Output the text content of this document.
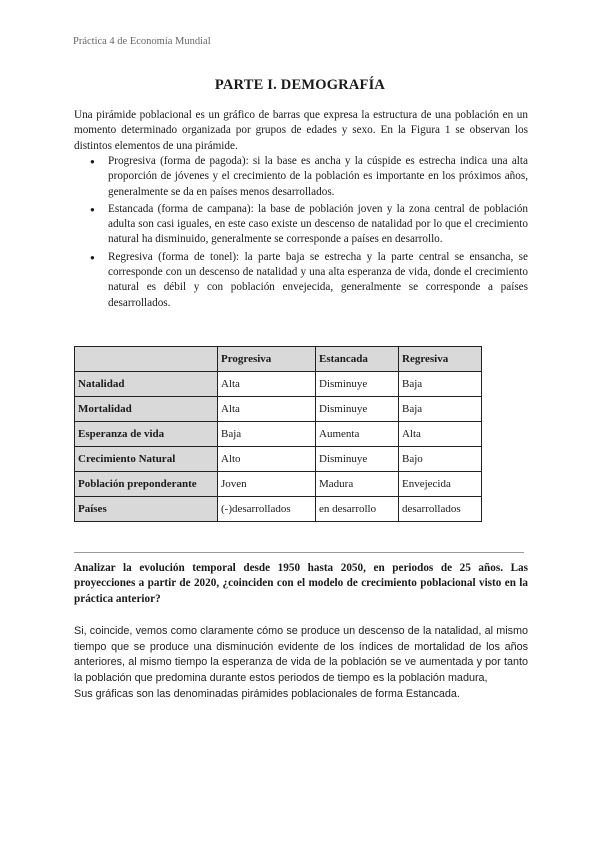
Práctica 4 de Economía Mundial
PARTE I. DEMOGRAFÍA
Una pirámide poblacional es un gráfico de barras que expresa la estructura de una población en un momento determinado organizada por grupos de edades y sexo. En la Figura 1 se observan los distintos elementos de una pirámide.
● Progresiva (forma de pagoda): si la base es ancha y la cúspide es estrecha indica una alta proporción de jóvenes y el crecimiento de la población es importante en los próximos años, generalmente se da en países menos desarrollados.
● Estancada (forma de campana): la base de población joven y la zona central de población adulta son casi iguales, en este caso existe un descenso de natalidad por lo que el crecimiento natural ha disminuido, generalmente se corresponde a países en desarrollo.
● Regresiva (forma de tonel): la parte baja se estrecha y la parte central se ensancha, se corresponde con un descenso de natalidad y una alta esperanza de vida, donde el crecimiento natural es débil y con población envejecida, generalmente se corresponde a países desarrollados.
	Progresiva	Estancada	Regresiva
Natalidad	Alta	Disminuye	Baja
Mortalidad	Alta	Disminuye	Baja
Esperanza de vida	Baja	Aumenta	Alta
Crecimiento Natural	Alto	Disminuye	Bajo
Población preponderante	Joven	Madura	Envejecida
Países	(-)desarrollados	en desarrollo	desarrollados
Analizar la evolución temporal desde 1950 hasta 2050, en periodos de 25 años. Las proyecciones a partir de 2020, ¿coinciden con el modelo de crecimiento poblacional visto en la práctica anterior?

Si, coincide, vemos como claramente cómo se produce un descenso de la natalidad, al mismo tiempo que se produce una disminución evidente de los índices de mortalidad de los años anteriores, al mismo tiempo la esperanza de vida de la población se ve aumentada y por tanto la población que predomina durante estos periodos de tiempo es la población madura,

Sus gráficas son las denominadas pirámides poblacionales de forma Estancada.
